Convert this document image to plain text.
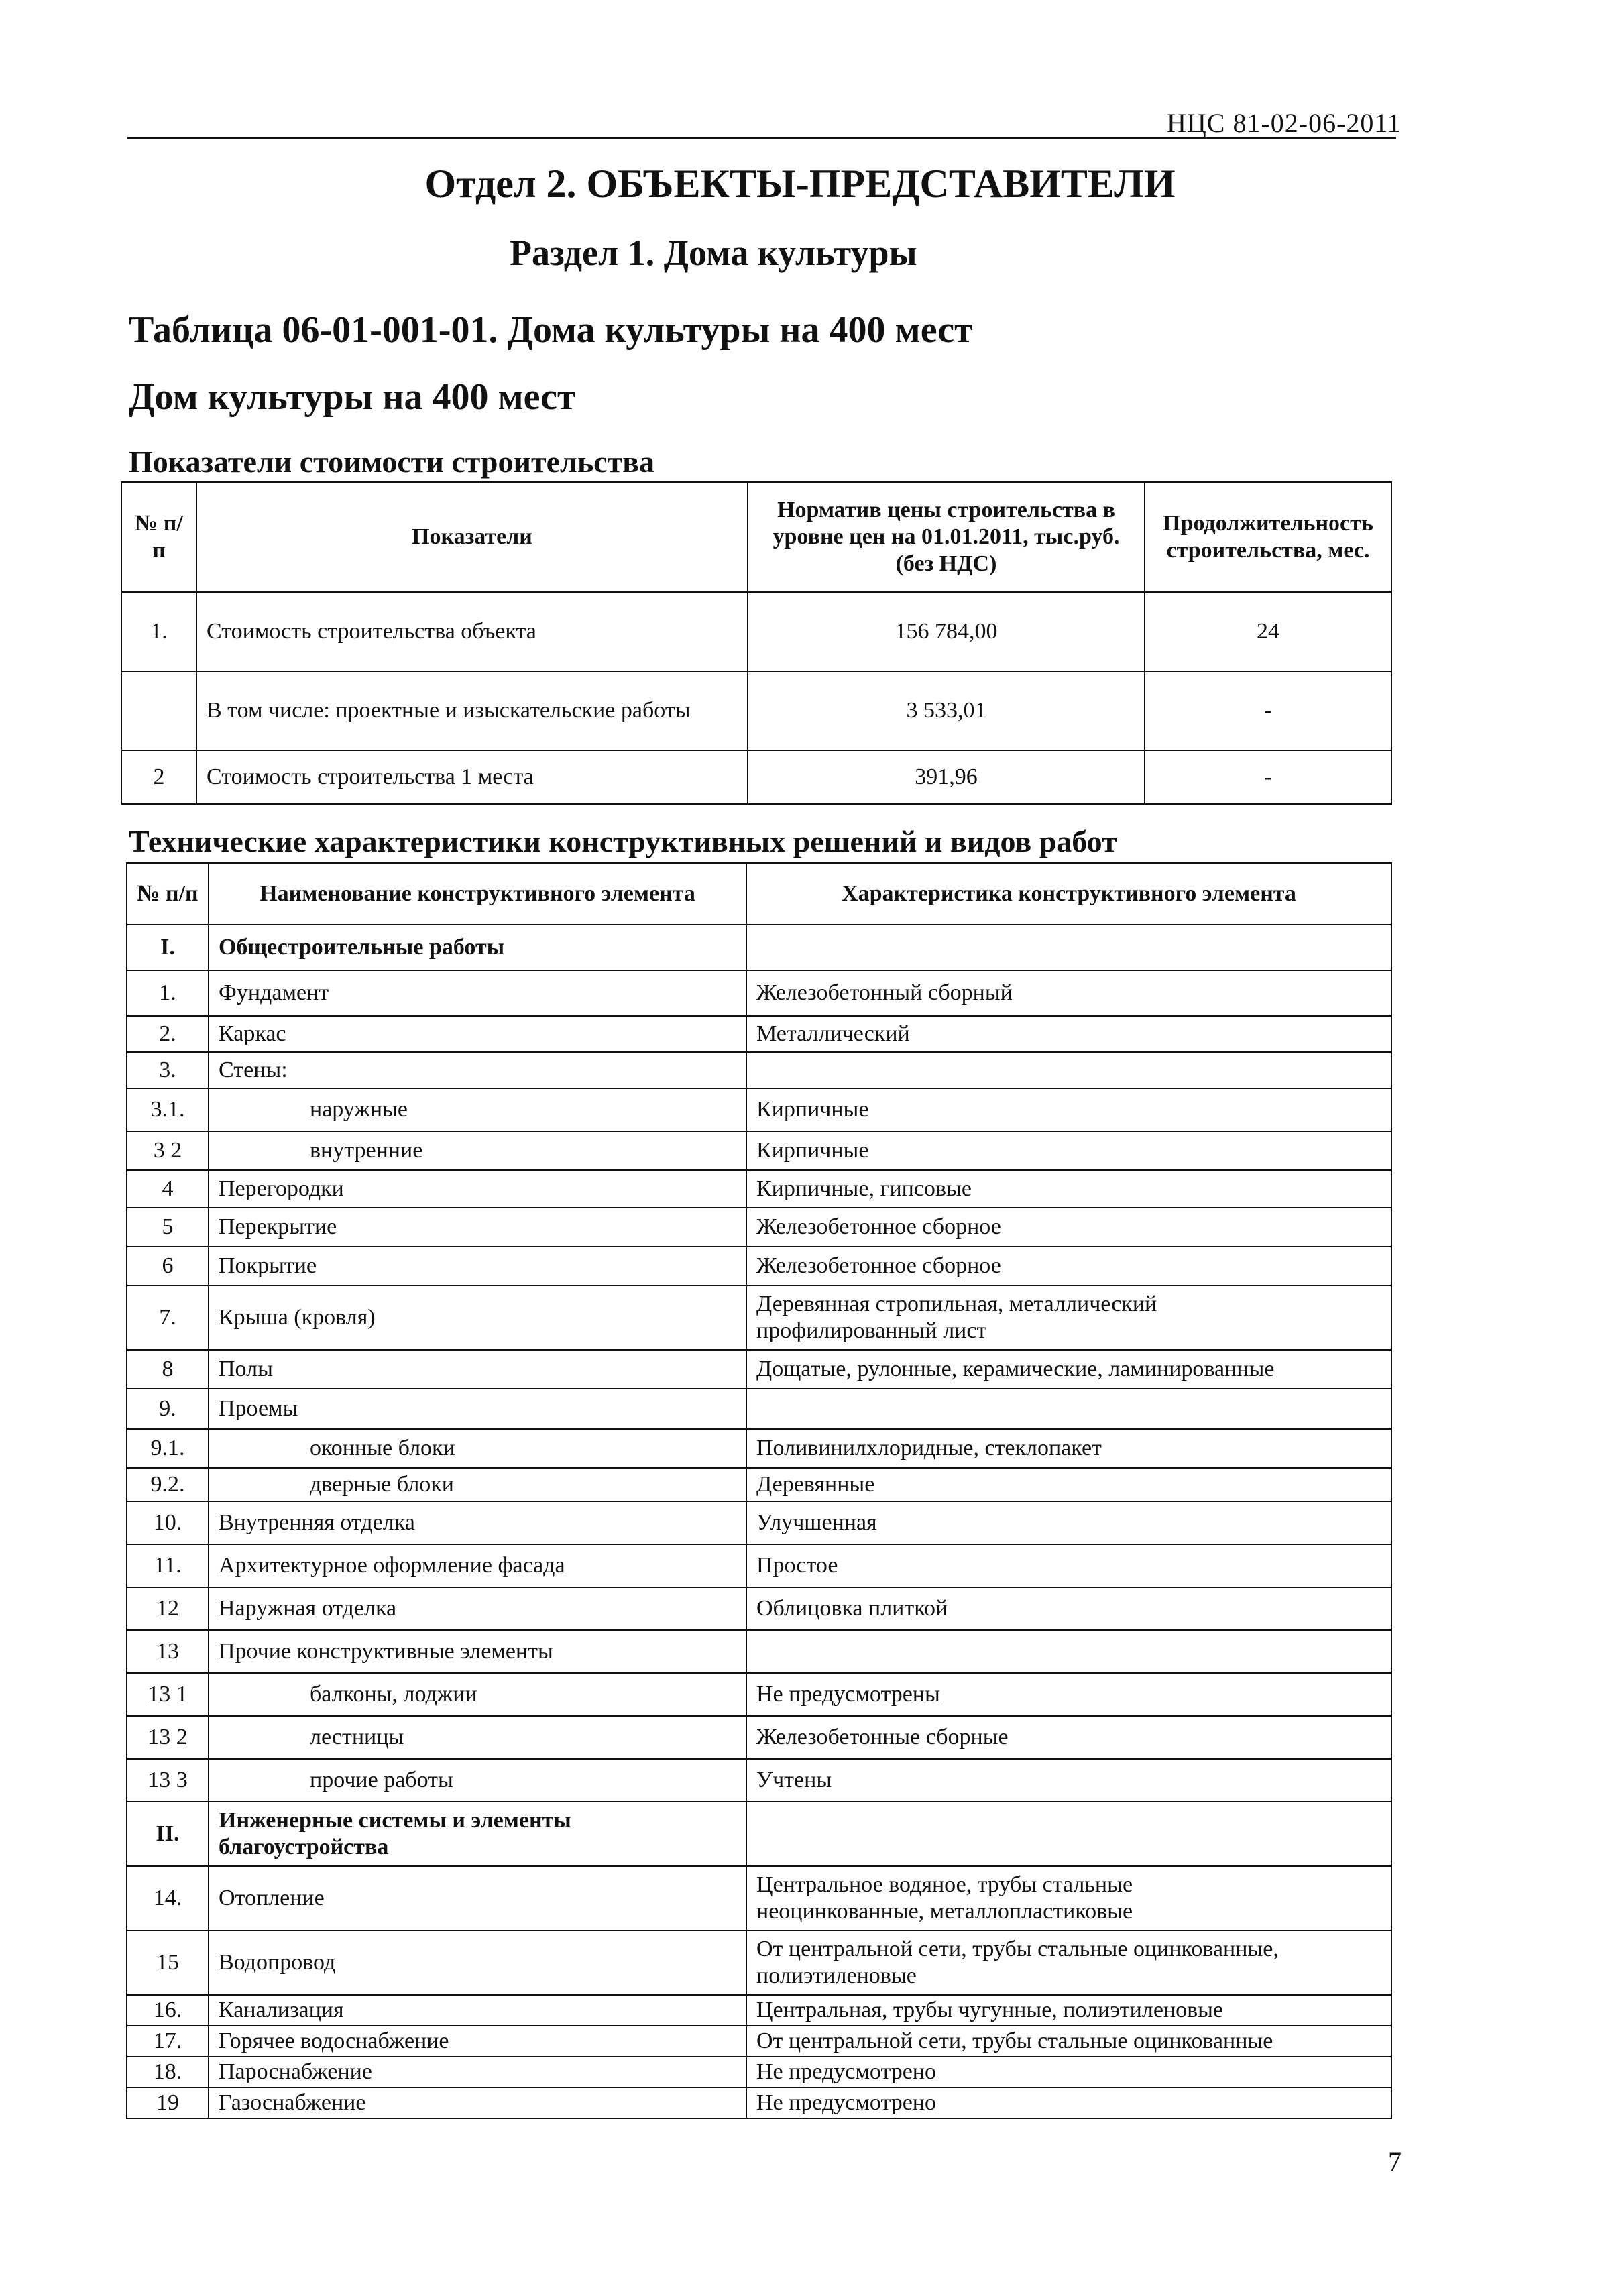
НЦС 81-02-06-2011
Отдел 2. ОБЪЕКТЫ-ПРЕДСТАВИТЕЛИ
Раздел 1. Дома культуры
Таблица 06-01-001-01. Дома культуры на 400 мест
Дом культуры на 400 мест
Показатели стоимости строительства
№ п/п	Показатели	Норматив цены строительства в уровне цен на 01.01.2011, тыс.руб. (без НДС)	Продолжительность строительства, мес.
1.	Стоимость строительства объекта	156 784,00	24
	В том числе: проектные и изыскательские работы	3 533,01	-
2	Стоимость строительства 1 места	391,96	-
Технические характеристики конструктивных решений и видов работ
№ п/п	Наименование конструктивного элемента	Характеристика конструктивного элемента
I.	Общестроительные работы	
1.	Фундамент	Железобетонный сборный
2.	Каркас	Металлический
3.	Стены:	
3.1.	наружные	Кирпичные
3 2	внутренние	Кирпичные
4	Перегородки	Кирпичные, гипсовые
5	Перекрытие	Железобетонное сборное
6	Покрытие	Железобетонное сборное
7.	Крыша (кровля)	Деревянная стропильная, металлический профилированный лист
8	Полы	Дощатые, рулонные, керамические, ламинированные
9.	Проемы	
9.1.	оконные блоки	Поливинилхлоридные, стеклопакет
9.2.	дверные блоки	Деревянные
10.	Внутренняя отделка	Улучшенная
11.	Архитектурное оформление фасада	Простое
12	Наружная отделка	Облицовка плиткой
13	Прочие конструктивные элементы	
13 1	балконы, лоджии	Не предусмотрены
13 2	лестницы	Железобетонные сборные
13 3	прочие работы	Учтены
II.	Инженерные системы и элементы благоустройства	
14.	Отопление	Центральное водяное, трубы стальные неоцинкованные, металлопластиковые
15	Водопровод	От центральной сети, трубы стальные оцинкованные, полиэтиленовые
16.	Канализация	Центральная, трубы чугунные, полиэтиленовые
17.	Горячее водоснабжение	От центральной сети, трубы стальные оцинкованные
18.	Пароснабжение	Не предусмотрено
19	Газоснабжение	Не предусмотрено
7
